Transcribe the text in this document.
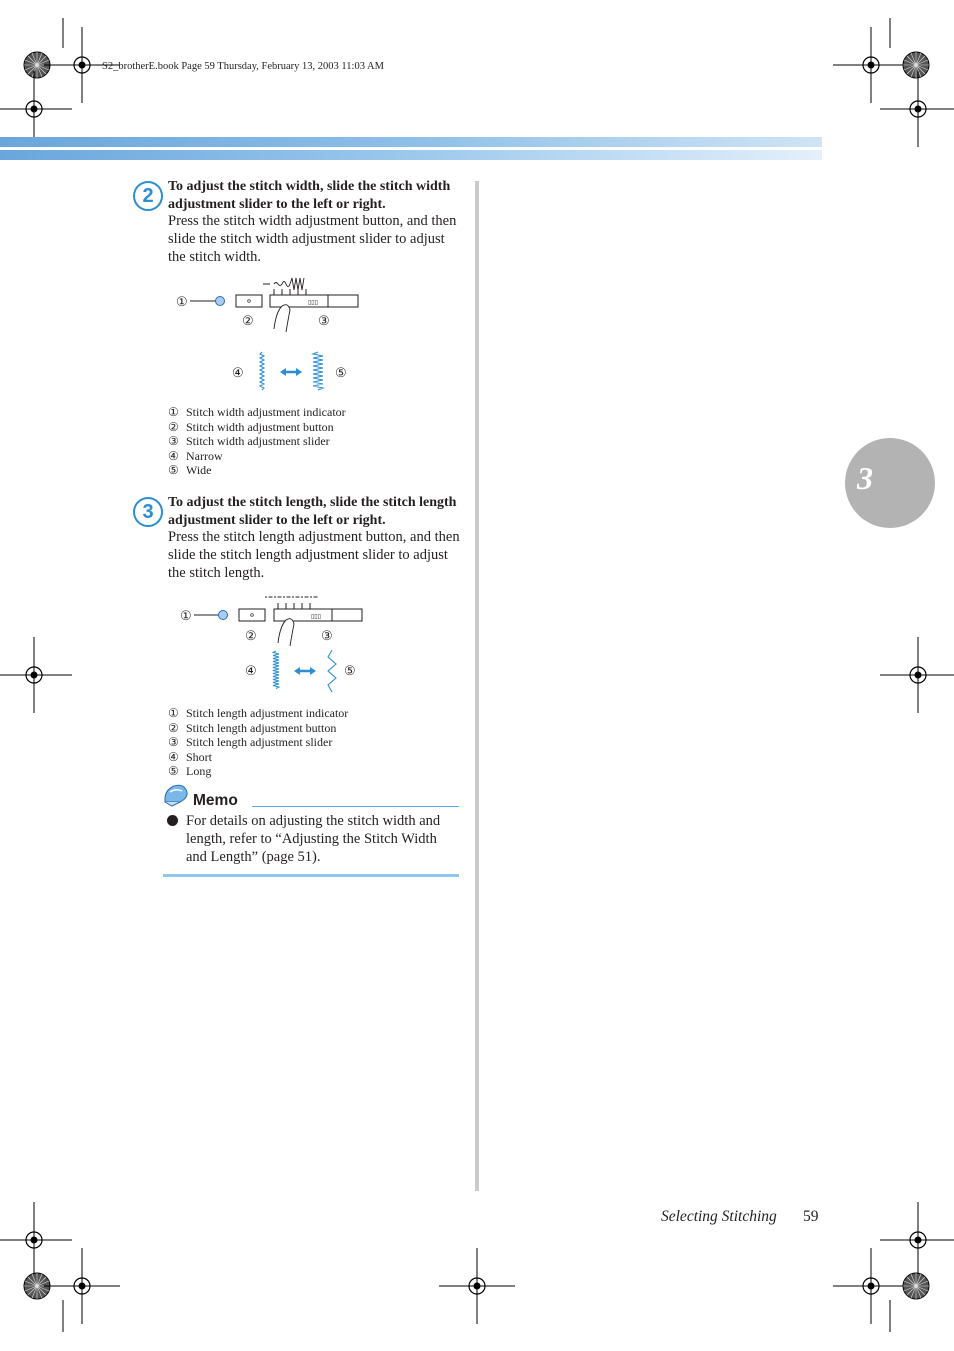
S2_brotherE.book Page 59 Thursday, February 13, 2003 11:03 AM
3
2	To adjust the stitch width, slide the stitch width adjustment slider to the left or right.
Press the stitch width adjustment button, and then slide the stitch width adjustment slider to adjust the stitch width.
①	▯▯▯
②	③
④	⑤
① Stitch width adjustment indicator
② Stitch width adjustment button
③ Stitch width adjustment slider
④ Narrow
⑤ Wide
3	To adjust the stitch length, slide the stitch length adjustment slider to the left or right.
Press the stitch length adjustment button, and then slide the stitch length adjustment slider to adjust the stitch length.
①	▯▯▯
②	③
④	⑤
① Stitch length adjustment indicator
② Stitch length adjustment button
③ Stitch length adjustment slider
④ Short
⑤ Long
Memo
For details on adjusting the stitch width and length, refer to “Adjusting the Stitch Width and Length” (page 51).
Selecting Stitching 59
